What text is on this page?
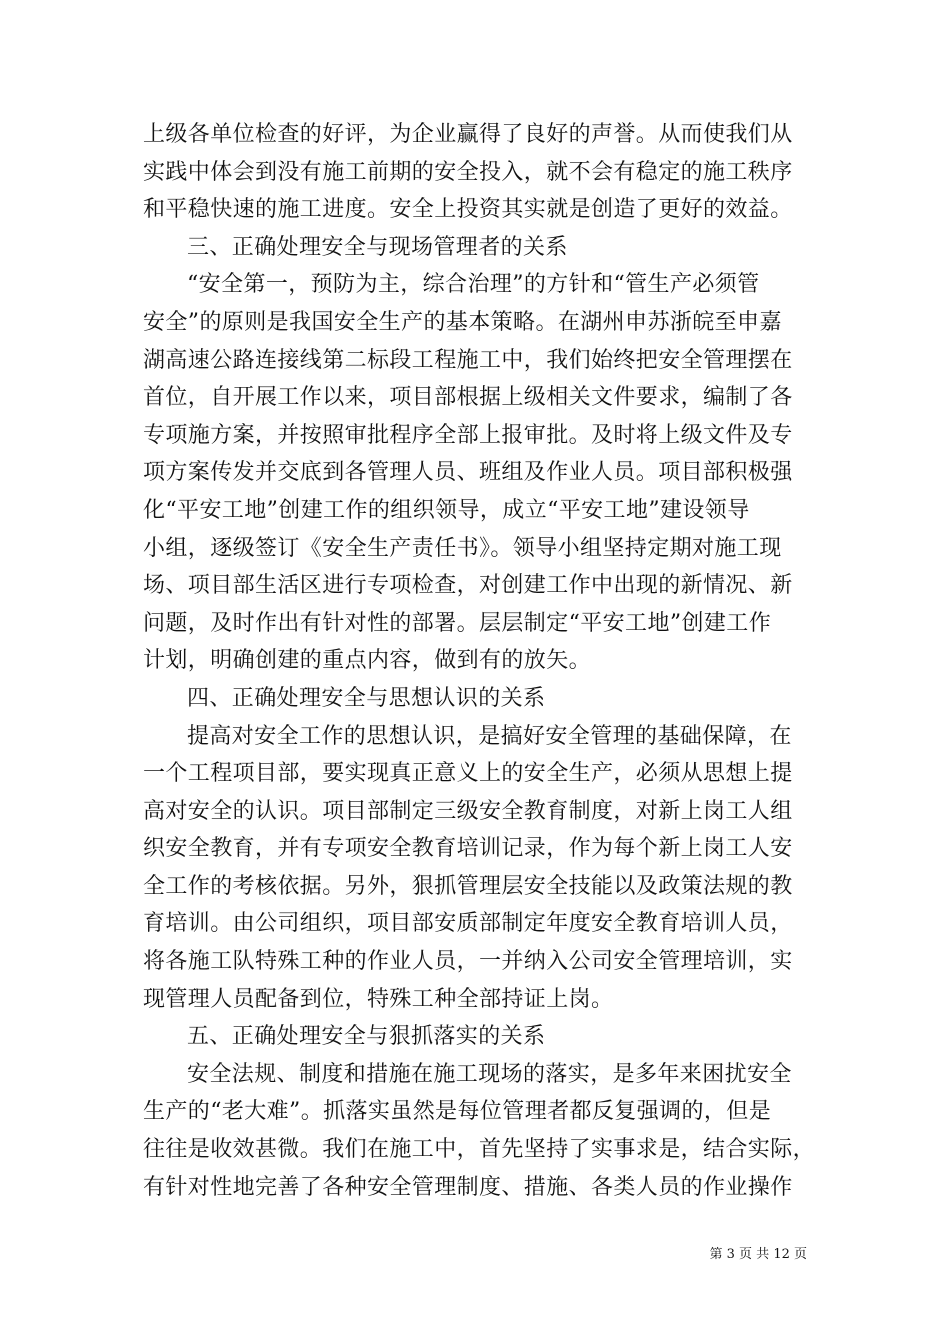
上级各单位检查的好评，为企业赢得了良好的声誉。从而使我们从
实践中体会到没有施工前期的安全投入，就不会有稳定的施工秩序
和平稳快速的施工进度。安全上投资其实就是创造了更好的效益。
三、正确处理安全与现场管理者的关系
“安全第一，预防为主，综合治理”的方针和“管生产必须管
安全”的原则是我国安全生产的基本策略。在湖州申苏浙皖至申嘉
湖高速公路连接线第二标段工程施工中，我们始终把安全管理摆在
首位，自开展工作以来，项目部根据上级相关文件要求，编制了各
专项施方案，并按照审批程序全部上报审批。及时将上级文件及专
项方案传发并交底到各管理人员、班组及作业人员。项目部积极强
化“平安工地”创建工作的组织领导，成立“平安工地”建设领导
小组，逐级签订《安全生产责任书》。领导小组坚持定期对施工现
场、项目部生活区进行专项检查，对创建工作中出现的新情况、新
问题，及时作出有针对性的部署。层层制定“平安工地”创建工作
计划，明确创建的重点内容，做到有的放矢。
四、正确处理安全与思想认识的关系
提高对安全工作的思想认识，是搞好安全管理的基础保障，在
一个工程项目部，要实现真正意义上的安全生产，必须从思想上提
高对安全的认识。项目部制定三级安全教育制度，对新上岗工人组
织安全教育，并有专项安全教育培训记录，作为每个新上岗工人安
全工作的考核依据。另外，狠抓管理层安全技能以及政策法规的教
育培训。由公司组织，项目部安质部制定年度安全教育培训人员，
将各施工队特殊工种的作业人员，一并纳入公司安全管理培训，实
现管理人员配备到位，特殊工种全部持证上岗。
五、正确处理安全与狠抓落实的关系
安全法规、制度和措施在施工现场的落实，是多年来困扰安全
生产的“老大难”。抓落实虽然是每位管理者都反复强调的，但是
往往是收效甚微。我们在施工中，首先坚持了实事求是，结合实际，
有针对性地完善了各种安全管理制度、措施、各类人员的作业操作
第 3 页 共 12 页
